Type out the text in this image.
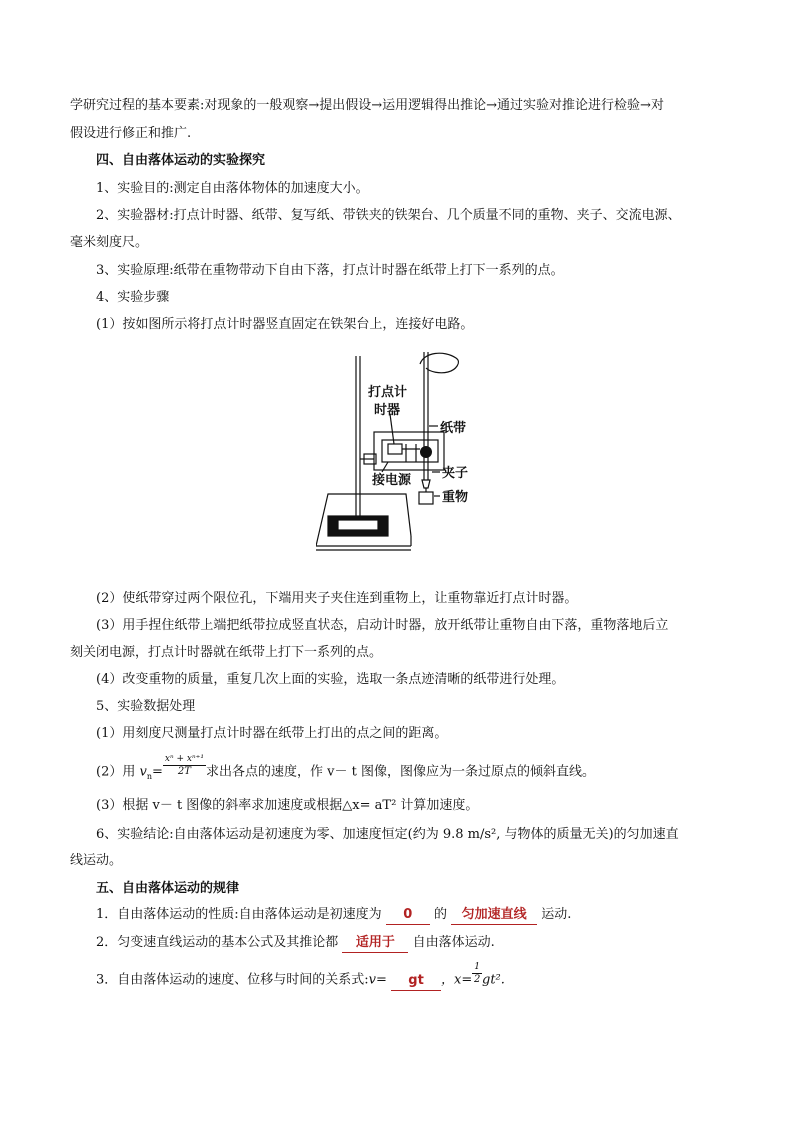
学研究过程的基本要素:对现象的一般观察→提出假设→运用逻辑得出推论→通过实验对推论进行检验→对
假设进行修正和推广.
四、自由落体运动的实验探究
1、实验目的:测定自由落体物体的加速度大小。
2、实验器材:打点计时器、纸带、复写纸、带铁夹的铁架台、几个质量不同的重物、夹子、交流电源、
毫米刻度尺。
3、实验原理:纸带在重物带动下自由下落，打点计时器在纸带上打下一系列的点。
4、实验步骤
(1）按如图所示将打点计时器竖直固定在铁架台上，连接好电路。
打点计
时器
纸带
接电源 夹子
重物
(2）使纸带穿过两个限位孔，下端用夹子夹住连到重物上，让重物靠近打点计时器。
(3）用手捏住纸带上端把纸带拉成竖直状态，启动计时器，放开纸带让重物自由下落，重物落地后立
刻关闭电源，打点计时器就在纸带上打下一系列的点。
(4）改变重物的质量，重复几次上面的实验，选取一条点迹清晰的纸带进行处理。
5、实验数据处理
(1）用刻度尺测量打点计时器在纸带上打出的点之间的距离。
(2）用 $v_n= \frac{\text{xⁿ + xⁿ⁺¹}}{2T}$ 求出各点的速度，作 v－ t 图像，图像应为一条过原点的倾斜直线。
(3）根据 v－ t 图像的斜率求加速度或根据△x= aT² 计算加速度。
6、实验结论:自由落体运动是初速度为零、加速度恒定(约为 9.8 m/s², 与物体的质量无关)的匀加速直
线运动。
五、自由落体运动的规律
1．自由落体运动的性质:自由落体运动是初速度为 0 的 匀加速直线 运动.
2．匀变速直线运动的基本公式及其推论都 适用于 自由落体运动.
3．自由落体运动的速度、位移与时间的关系式:v= gt ，$x= \frac{1}{2} gt^2$.
